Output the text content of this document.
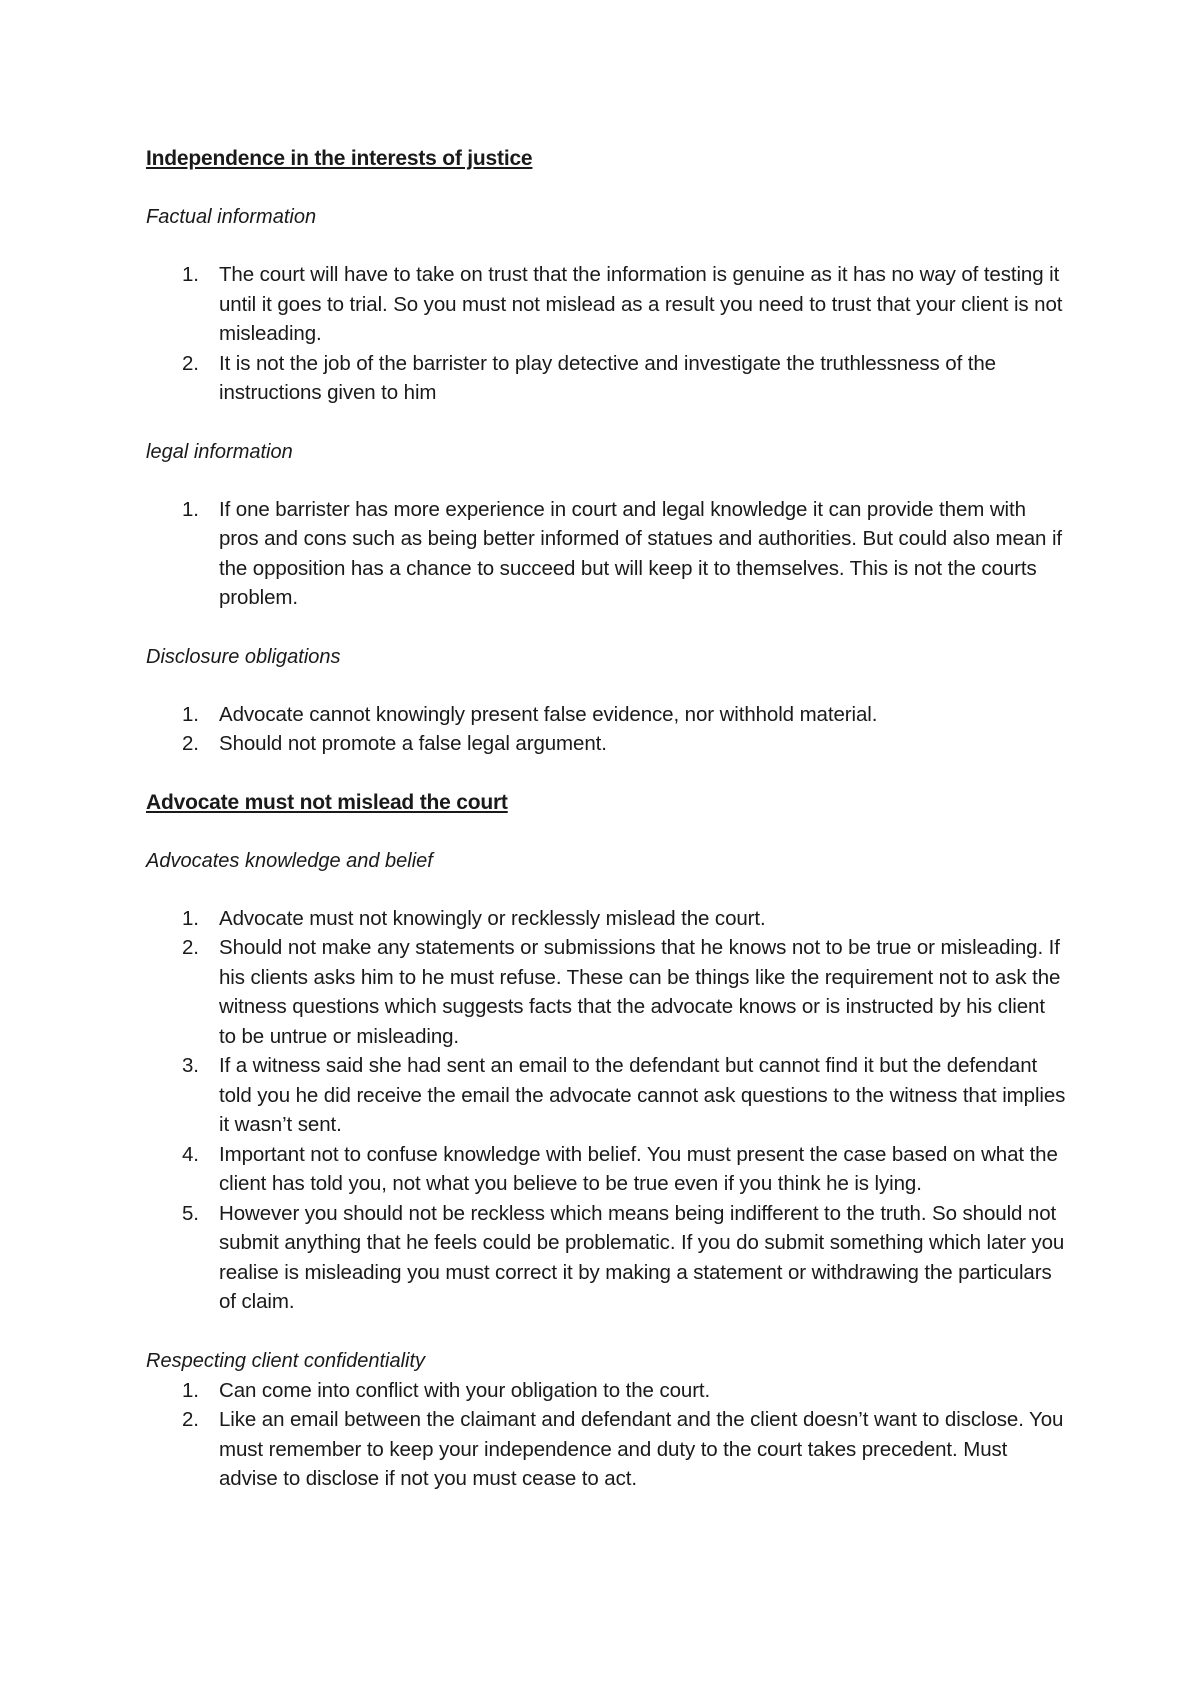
Independence in the interests of justice

Factual information

1. The court will have to take on trust that the information is genuine as it has no way of testing it until it goes to trial. So you must not mislead as a result you need to trust that your client is not misleading.
2. It is not the job of the barrister to play detective and investigate the truthlessness of the instructions given to him

legal information

1. If one barrister has more experience in court and legal knowledge it can provide them with pros and cons such as being better informed of statues and authorities. But could also mean if the opposition has a chance to succeed but will keep it to themselves. This is not the courts problem.

Disclosure obligations

1. Advocate cannot knowingly present false evidence, nor withhold material.
2. Should not promote a false legal argument.

Advocate must not mislead the court

Advocates knowledge and belief

1. Advocate must not knowingly or recklessly mislead the court.
2. Should not make any statements or submissions that he knows not to be true or misleading. If his clients asks him to he must refuse. These can be things like the requirement not to ask the witness questions which suggests facts that the advocate knows or is instructed by his client to be untrue or misleading.
3. If a witness said she had sent an email to the defendant but cannot find it but the defendant told you he did receive the email the advocate cannot ask questions to the witness that implies it wasn’t sent.
4. Important not to confuse knowledge with belief. You must present the case based on what the client has told you, not what you believe to be true even if you think he is lying.
5. However you should not be reckless which means being indifferent to the truth. So should not submit anything that he feels could be problematic. If you do submit something which later you realise is misleading you must correct it by making a statement or withdrawing the particulars of claim.

Respecting client confidentiality

1. Can come into conflict with your obligation to the court.
2. Like an email between the claimant and defendant and the client doesn’t want to disclose. You must remember to keep your independence and duty to the court takes precedent. Must advise to disclose if not you must cease to act.
